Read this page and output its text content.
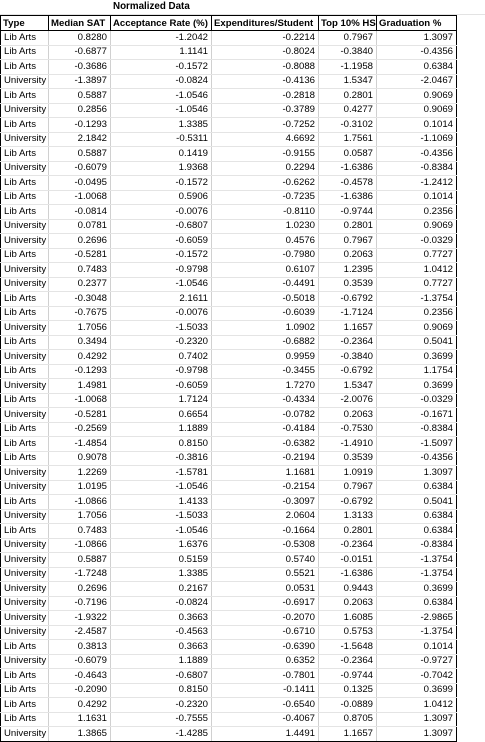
Normalized Data
Type	Median SAT	Acceptance Rate (%)	Expenditures/Student	Top 10% HS	Graduation %
Lib Arts	0.8280	-1.2042	-0.2214	0.7967	1.3097
Lib Arts	-0.6877	1.1141	-0.8024	-0.3840	-0.4356
Lib Arts	-0.3686	-0.1572	-0.8088	-1.1958	0.6384
University	-1.3897	-0.0824	-0.4136	1.5347	-2.0467
Lib Arts	0.5887	-1.0546	-0.2818	0.2801	0.9069
University	0.2856	-1.0546	-0.3789	0.4277	0.9069
Lib Arts	-0.1293	1.3385	-0.7252	-0.3102	0.1014
University	2.1842	-0.5311	4.6692	1.7561	-1.1069
Lib Arts	0.5887	0.1419	-0.9155	0.0587	-0.4356
University	-0.6079	1.9368	0.2294	-1.6386	-0.8384
Lib Arts	-0.0495	-0.1572	-0.6262	-0.4578	-1.2412
Lib Arts	-1.0068	0.5906	-0.7235	-1.6386	0.1014
Lib Arts	-0.0814	-0.0076	-0.8110	-0.9744	0.2356
University	0.0781	-0.6807	1.0230	0.2801	0.9069
University	0.2696	-0.6059	0.4576	0.7967	-0.0329
Lib Arts	-0.5281	-0.1572	-0.7980	0.2063	0.7727
University	0.7483	-0.9798	0.6107	1.2395	1.0412
University	0.2377	-1.0546	-0.4491	0.3539	0.7727
Lib Arts	-0.3048	2.1611	-0.5018	-0.6792	-1.3754
Lib Arts	-0.7675	-0.0076	-0.6039	-1.7124	0.2356
University	1.7056	-1.5033	1.0902	1.1657	0.9069
Lib Arts	0.3494	-0.2320	-0.6882	-0.2364	0.5041
University	0.4292	0.7402	0.9959	-0.3840	0.3699
Lib Arts	-0.1293	-0.9798	-0.3455	-0.6792	1.1754
University	1.4981	-0.6059	1.7270	1.5347	0.3699
Lib Arts	-1.0068	1.7124	-0.4334	-2.0076	-0.0329
University	-0.5281	0.6654	-0.0782	0.2063	-0.1671
Lib Arts	-0.2569	1.1889	-0.4184	-0.7530	-0.8384
Lib Arts	-1.4854	0.8150	-0.6382	-1.4910	-1.5097
Lib Arts	0.9078	-0.3816	-0.2194	0.3539	-0.4356
University	1.2269	-1.5781	1.1681	1.0919	1.3097
University	1.0195	-1.0546	-0.2154	0.7967	0.6384
Lib Arts	-1.0866	1.4133	-0.3097	-0.6792	0.5041
University	1.7056	-1.5033	2.0604	1.3133	0.6384
Lib Arts	0.7483	-1.0546	-0.1664	0.2801	0.6384
University	-1.0866	1.6376	-0.5308	-0.2364	-0.8384
University	0.5887	0.5159	0.5740	-0.0151	-1.3754
University	-1.7248	1.3385	0.5521	-1.6386	-1.3754
University	0.2696	0.2167	0.0531	0.9443	0.3699
University	-0.7196	-0.0824	-0.6917	0.2063	0.6384
University	-1.9322	0.3663	-0.2070	1.6085	-2.9865
University	-2.4587	-0.4563	-0.6710	0.5753	-1.3754
Lib Arts	0.3813	0.3663	-0.6390	-1.5648	0.1014
University	-0.6079	1.1889	0.6352	-0.2364	-0.9727
Lib Arts	-0.4643	-0.6807	-0.7801	-0.9744	-0.7042
Lib Arts	-0.2090	0.8150	-0.1411	0.1325	0.3699
Lib Arts	0.4292	-0.2320	-0.6540	-0.0889	1.0412
Lib Arts	1.1631	-0.7555	-0.4067	0.8705	1.3097
University	1.3865	-1.4285	1.4491	1.1657	1.3097
